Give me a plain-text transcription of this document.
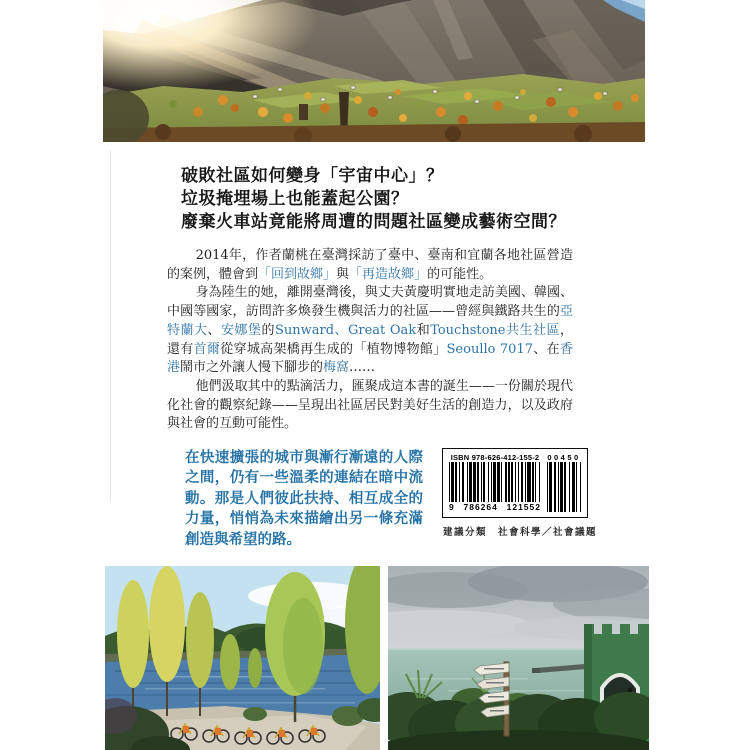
破敗社區如何變身「宇宙中心」？
垃圾掩埋場上也能蓋起公園？
廢棄火車站竟能將周遭的問題社區變成藝術空間？

2014年，作者蘭桃在臺灣採訪了臺中、臺南和宜蘭各地社區營造的案例，體會到「回到故鄉」與「再造故鄉」的可能性。

身為陸生的她，離開臺灣後，與丈夫黃慶明實地走訪美國、韓國、中國等國家，訪問許多煥發生機與活力的社區——曾經與鐵路共生的亞特蘭大、安娜堡的Sunward、Great Oak和Touchstone共生社區，還有首爾從穿城高架橋再生成的「植物博物館」Seoullo 7017、在香港鬧市之外讓人慢下腳步的梅窩……

他們汲取其中的點滴活力，匯聚成這本書的誕生——一份關於現代化社會的觀察紀錄——呈現出社區居民對美好生活的創造力，以及政府與社會的互動可能性。

在快速擴張的城市與漸行漸遠的人際之間，仍有一些溫柔的連結在暗中流動。那是人們彼此扶持、相互成全的力量，悄悄為未來描繪出另一條充滿創造與希望的路。
ISBN 978-626-412-155-2
9 786264 121552
00450
建議分類　社會科學／社會議題
